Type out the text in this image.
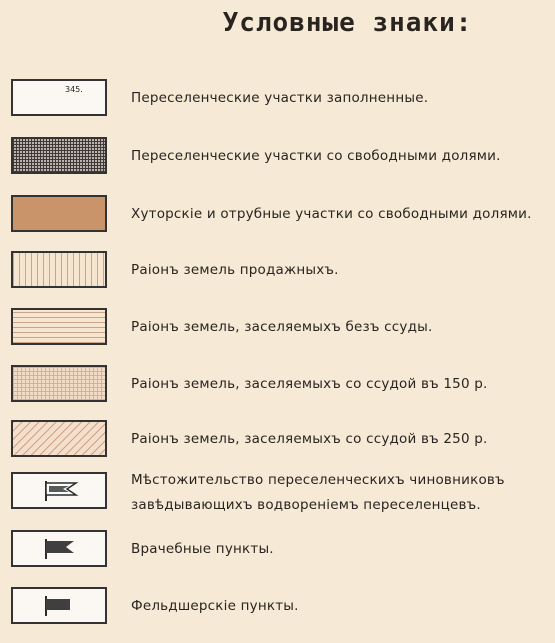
Условные знаки:
345.
Переселенческие участки заполненные.
Переселенческие участки со свободными долями.
Хуторскіе и отрубные участки со свободными долями.
Раіонъ земель продажныхъ.
Раіонъ земель, заселяемыхъ безъ ссуды.
Раіонъ земель, заселяемыхъ со ссудой въ 150 р.
Раіонъ земель, заселяемыхъ со ссудой въ 250 р.
Мѣстожительство переселенческихъ чиновниковъ
завѣдывающихъ водворенiемъ переселенцевъ.
Врачебные пункты.
Фельдшерскіе пункты.
